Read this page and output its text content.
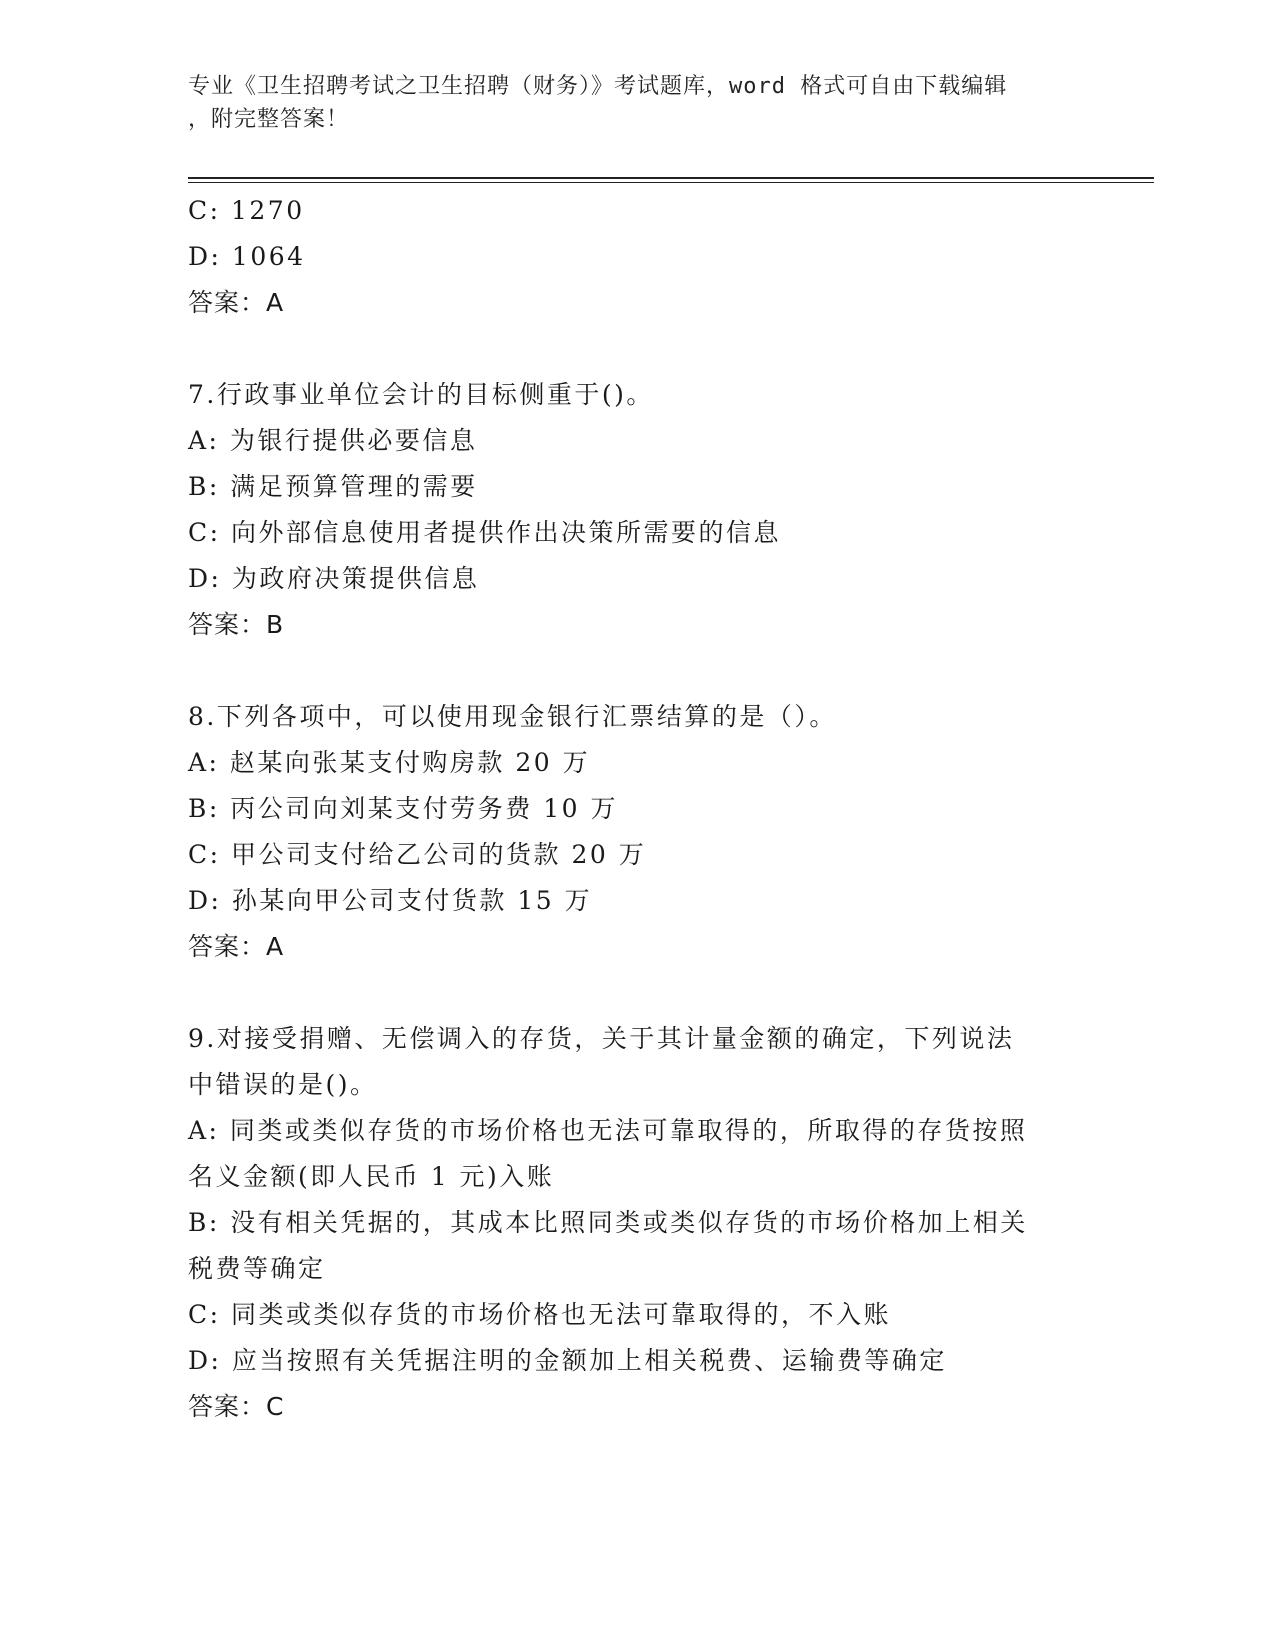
专业《卫生招聘考试之卫生招聘（财务）》考试题库，word 格式可自由下载编辑
，附完整答案！
C: 1270
D: 1064
答案：A
7.行政事业单位会计的目标侧重于()。
A: 为银行提供必要信息
B: 满足预算管理的需要
C: 向外部信息使用者提供作出决策所需要的信息
D: 为政府决策提供信息
答案：B
8.下列各项中，可以使用现金银行汇票结算的是（）。
A: 赵某向张某支付购房款 20 万
B: 丙公司向刘某支付劳务费 10 万
C: 甲公司支付给乙公司的货款 20 万
D: 孙某向甲公司支付货款 15 万
答案：A
9.对接受捐赠、无偿调入的存货，关于其计量金额的确定，下列说法
中错误的是()。
A: 同类或类似存货的市场价格也无法可靠取得的，所取得的存货按照
名义金额(即人民币 1 元)入账
B: 没有相关凭据的，其成本比照同类或类似存货的市场价格加上相关
税费等确定
C: 同类或类似存货的市场价格也无法可靠取得的，不入账
D: 应当按照有关凭据注明的金额加上相关税费、运输费等确定
答案：C
